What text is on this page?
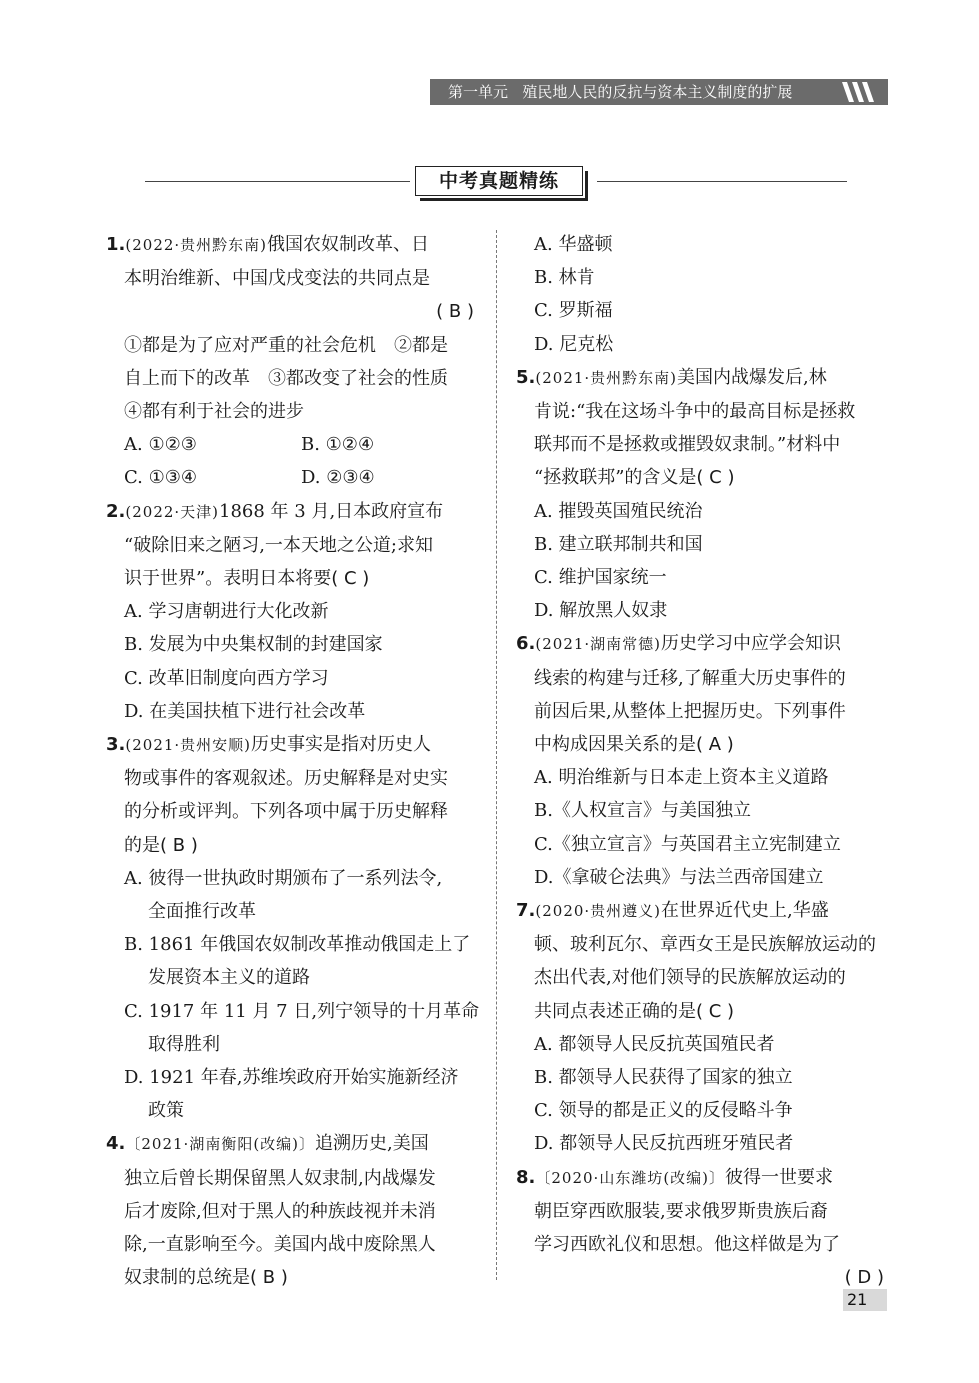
第一单元 殖民地人民的反抗与资本主义制度的扩展
中考真题精练
1.(2022·贵州黔东南)俄国农奴制改革、日
本明治维新、中国戊戌变法的共同点是
( B )
①都是为了应对严重的社会危机　②都是
自上而下的改革　③都改变了社会的性质
④都有利于社会的进步
A. ①②③	B. ①②④
C. ①③④	D. ②③④
2.(2022·天津)1868 年 3 月,日本政府宣布
“破除旧来之陋习,一本天地之公道;求知
识于世界”。表明日本将要( C )
A. 学习唐朝进行大化改新
B. 发展为中央集权制的封建国家
C. 改革旧制度向西方学习
D. 在美国扶植下进行社会改革
3.(2021·贵州安顺)历史事实是指对历史人
物或事件的客观叙述。历史解释是对史实
的分析或评判。下列各项中属于历史解释
的是( B )
A. 彼得一世执政时期颁布了一系列法令,
全面推行改革
B. 1861 年俄国农奴制改革推动俄国走上了
发展资本主义的道路
C. 1917 年 11 月 7 日,列宁领导的十月革命
取得胜利
D. 1921 年春,苏维埃政府开始实施新经济
政策
4.〔2021·湖南衡阳(改编)〕追溯历史,美国
独立后曾长期保留黑人奴隶制,内战爆发
后才废除,但对于黑人的种族歧视并未消
除,一直影响至今。美国内战中废除黑人
奴隶制的总统是( B )
A. 华盛顿
B. 林肯
C. 罗斯福
D. 尼克松
5.(2021·贵州黔东南)美国内战爆发后,林
肯说:“我在这场斗争中的最高目标是拯救
联邦而不是拯救或摧毁奴隶制。”材料中
“拯救联邦”的含义是( C )
A. 摧毁英国殖民统治
B. 建立联邦制共和国
C. 维护国家统一
D. 解放黑人奴隶
6.(2021·湖南常德)历史学习中应学会知识
线索的构建与迁移,了解重大历史事件的
前因后果,从整体上把握历史。下列事件
中构成因果关系的是( A )
A. 明治维新与日本走上资本主义道路
B.《人权宣言》与美国独立
C.《独立宣言》与英国君主立宪制建立
D.《拿破仑法典》与法兰西帝国建立
7.(2020·贵州遵义)在世界近代史上,华盛
顿、玻利瓦尔、章西女王是民族解放运动的
杰出代表,对他们领导的民族解放运动的
共同点表述正确的是( C )
A. 都领导人民反抗英国殖民者
B. 都领导人民获得了国家的独立
C. 领导的都是正义的反侵略斗争
D. 都领导人民反抗西班牙殖民者
8.〔2020·山东潍坊(改编)〕彼得一世要求
朝臣穿西欧服装,要求俄罗斯贵族后裔
学习西欧礼仪和思想。他这样做是为了
( D )
21
